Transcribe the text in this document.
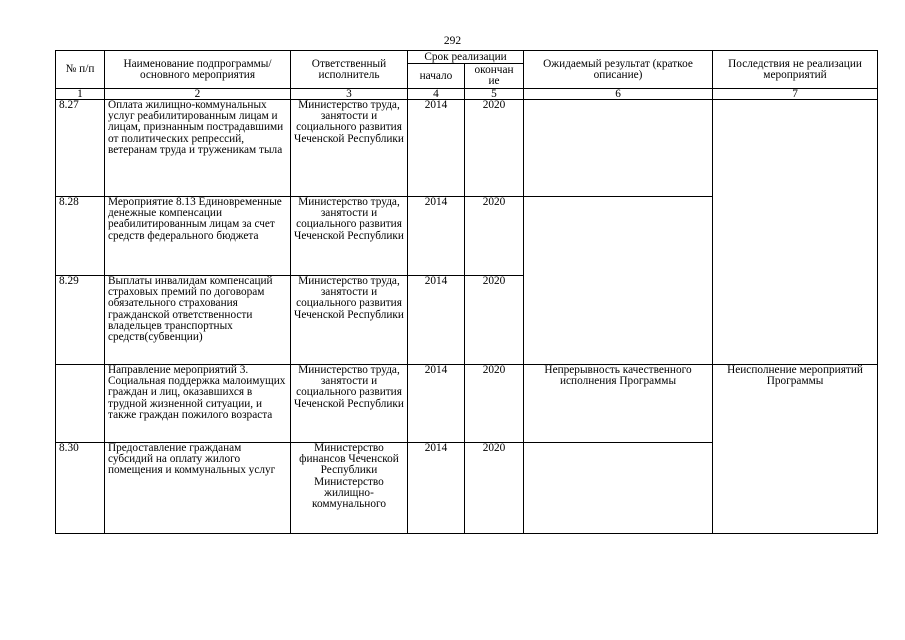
292
№ п/п	Наименование подпрограммы/ основного мероприятия	Ответственный исполнитель	Срок реализации		Ожидаемый результат (краткое описание)	Последствия не реализации мероприятий
			начало	окончан ие		
1	2	3	4	5	6	7
8.27	Оплата жилищно-коммунальных услуг реабилитированным лицам и лицам, признанным пострадавшими от политических репрессий, ветеранам труда и труженикам тыла	Министерство труда, занятости и социального развития Чеченской Республики	2014	2020		
8.28	Мероприятие 8.13 Единовременные денежные компенсации реабилитированным лицам за счет средств федерального бюджета	Министерство труда, занятости и социального развития Чеченской Республики	2014	2020		
8.29	Выплаты инвалидам компенсаций страховых премий по договорам обязательного страхования гражданской ответственности владельцев транспортных средств(субвенции)	Министерство труда, занятости и социального развития Чеченской Республики	2014	2020		
	Направление мероприятий 3. Социальная поддержка малоимущих граждан и лиц, оказавшихся в трудной жизненной ситуации, и также граждан пожилого возраста	Министерство труда, занятости и социального развития Чеченской Республики	2014	2020	Непрерывность качественного исполнения Программы	Неисполнение мероприятий Программы
8.30	Предоставление гражданам субсидий на оплату жилого помещения и коммунальных услуг	Министерство финансов Чеченской Республики Министерство жилищно-коммунального	2014	2020		
